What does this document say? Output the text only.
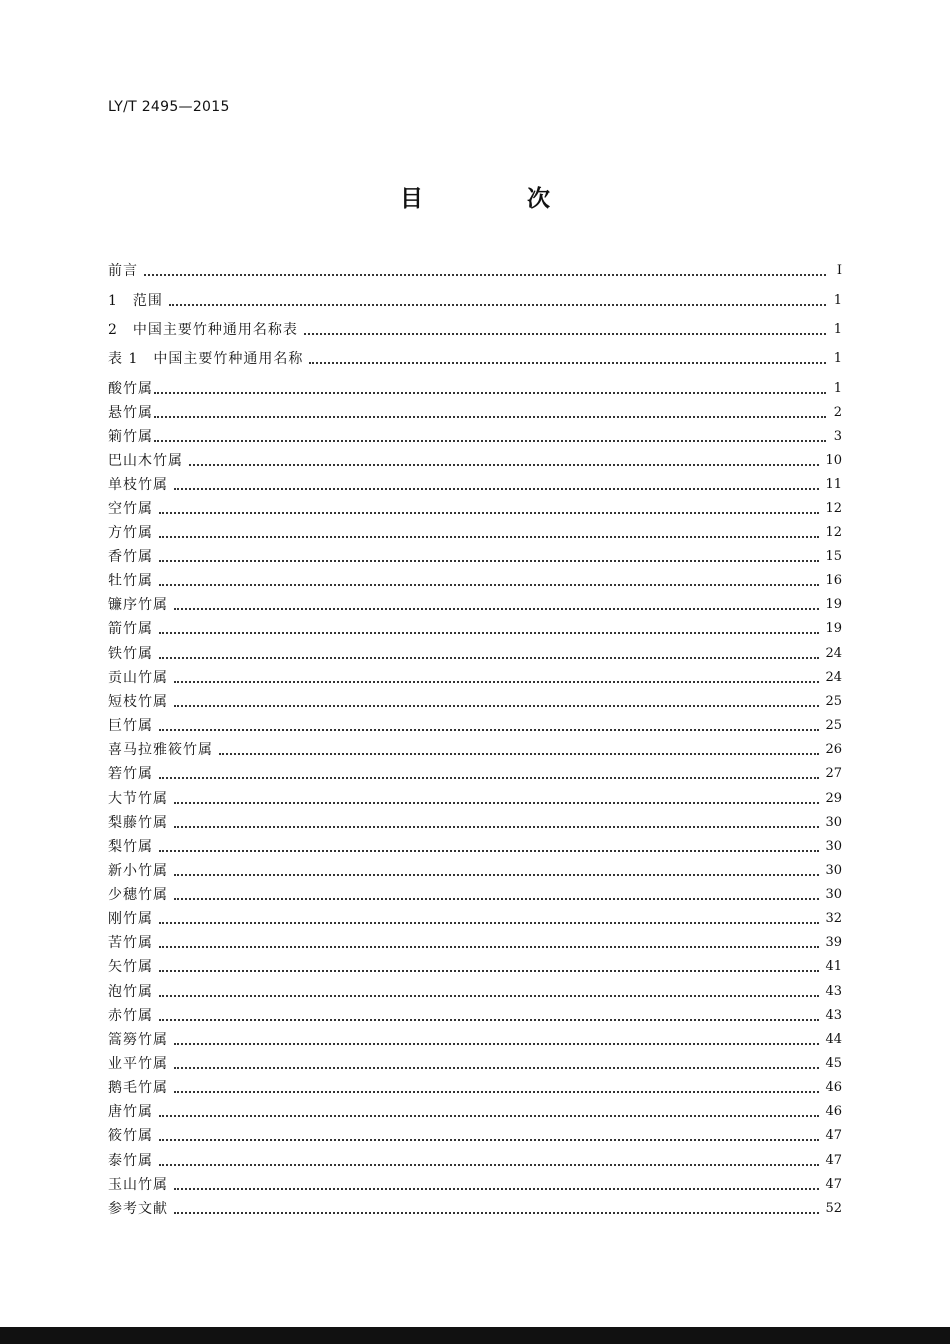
LY/T 2495—2015
目 次
前言	Ⅰ
1　范围	1
2　中国主要竹种通用名称表	1
表 1　中国主要竹种通用名称	1
酸竹属	1
悬竹属	2
箣竹属	3
巴山木竹属	10
单枝竹属	11
空竹属	12
方竹属	12
香竹属	15
牡竹属	16
镰序竹属	19
箭竹属	19
铁竹属	24
贡山竹属	24
短枝竹属	25
巨竹属	25
喜马拉雅筱竹属	26
箬竹属	27
大节竹属	29
梨藤竹属	30
梨竹属	30
新小竹属	30
少穗竹属	30
刚竹属	32
苦竹属	39
矢竹属	41
泡竹属	43
赤竹属	43
篙簩竹属	44
业平竹属	45
鹅毛竹属	46
唐竹属	46
筱竹属	47
泰竹属	47
玉山竹属	47
参考文献	52
